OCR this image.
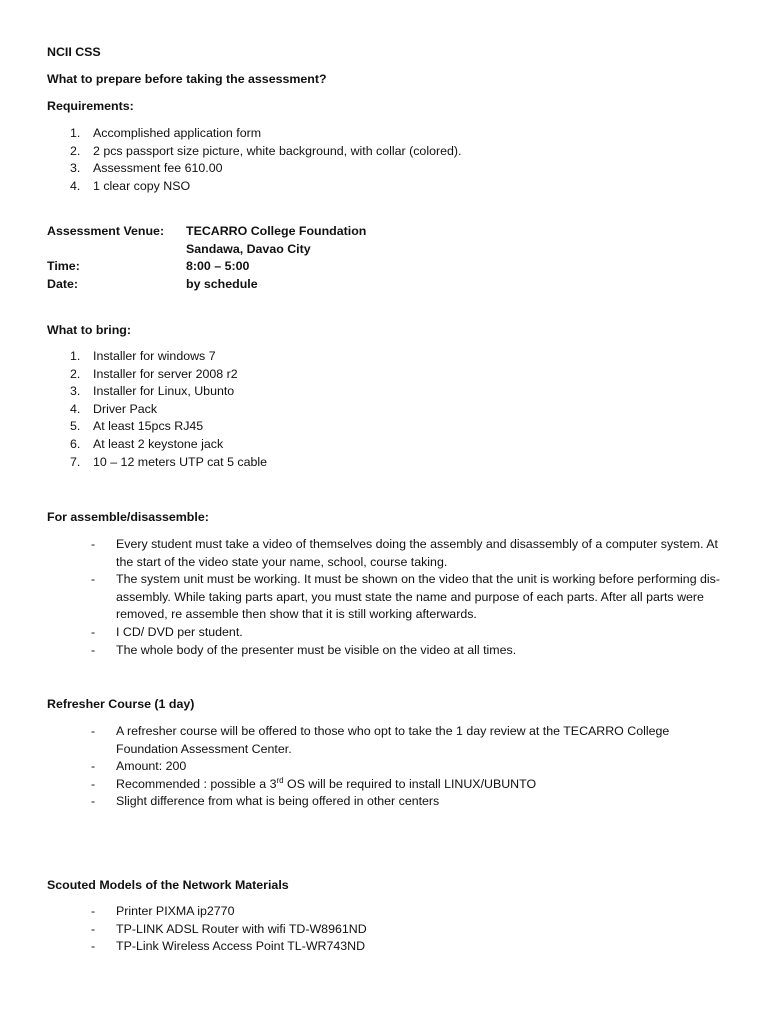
NCII CSS
What to prepare before taking the assessment?
Requirements:
1. Accomplished application form
2. 2 pcs passport size picture, white background, with collar (colored).
3. Assessment fee 610.00
4. 1 clear copy NSO
Assessment Venue: TECARRO College Foundation
Sandawa, Davao City
Time:	8:00 – 5:00
Date:	by schedule
What to bring:
1. Installer for windows 7
2. Installer for server 2008 r2
3. Installer for Linux, Ubunto
4. Driver Pack
5. At least 15pcs RJ45
6. At least 2 keystone jack
7. 10 – 12 meters UTP cat 5 cable
For assemble/disassemble:
- Every student must take a video of themselves doing the assembly and disassembly of a computer system. At the start of the video state your name, school, course taking.
- The system unit must be working. It must be shown on the video that the unit is working before performing dis-assembly. While taking parts apart, you must state the name and purpose of each parts. After all parts were removed, re assemble then show that it is still working afterwards.
- I CD/ DVD per student.
- The whole body of the presenter must be visible on the video at all times.
Refresher Course (1 day)
- A refresher course will be offered to those who opt to take the 1 day review at the TECARRO College Foundation Assessment Center.
- Amount: 200
- Recommended : possible a 3rd OS will be required to install LINUX/UBUNTO
- Slight difference from what is being offered in other centers
Scouted Models of the Network Materials
- Printer PIXMA ip2770
- TP-LINK ADSL Router with wifi TD-W8961ND
- TP-Link Wireless Access Point TL-WR743ND
